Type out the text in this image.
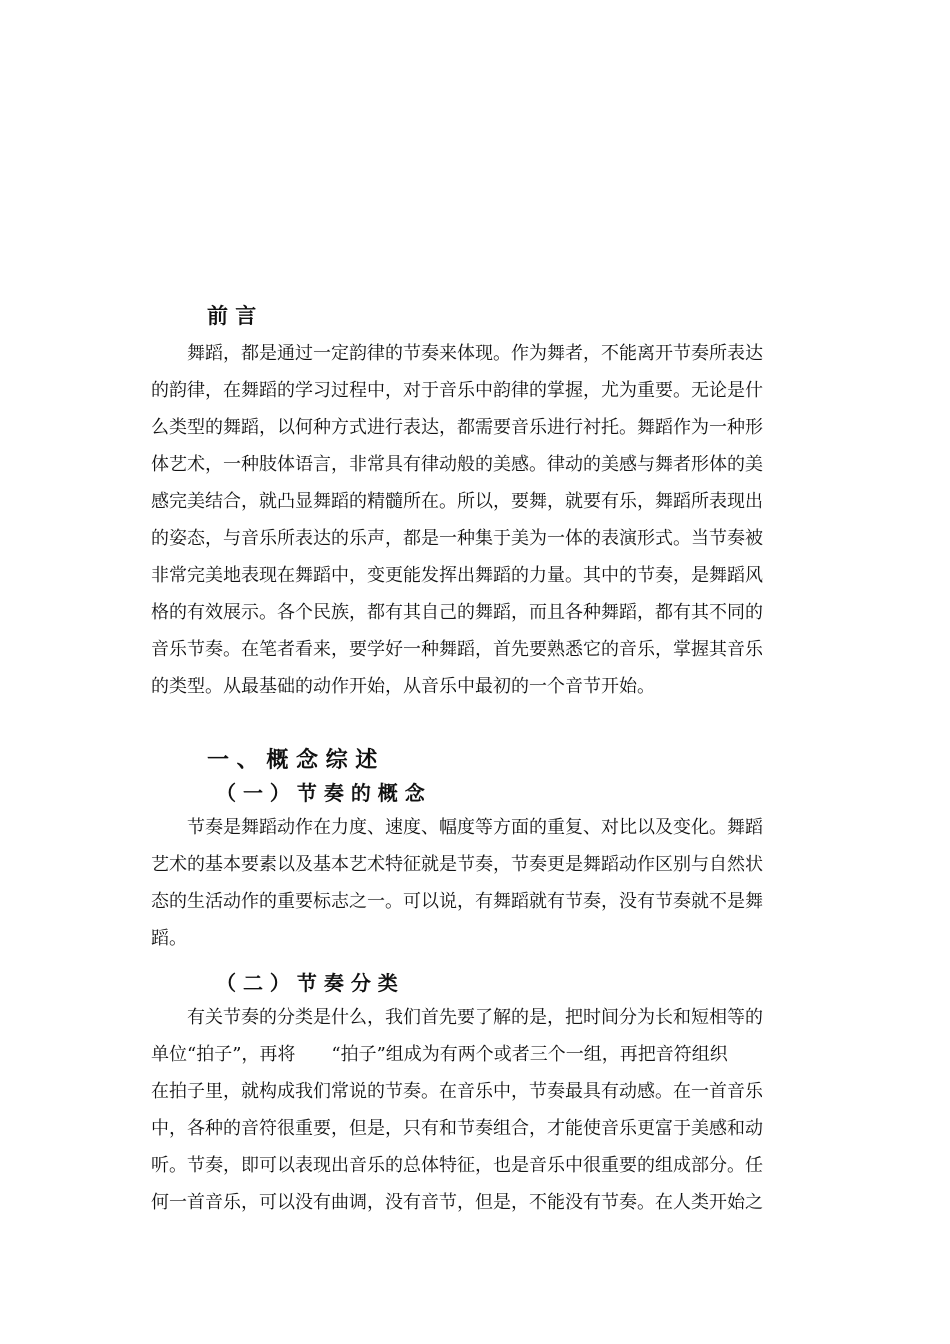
前 言
舞蹈，都是通过一定韵律的节奏来体现。作为舞者，不能离开节奏所表达
的韵律，在舞蹈的学习过程中，对于音乐中韵律的掌握，尤为重要。无论是什
么类型的舞蹈，以何种方式进行表达，都需要音乐进行衬托。舞蹈作为一种形
体艺术，一种肢体语言，非常具有律动般的美感。律动的美感与舞者形体的美
感完美结合，就凸显舞蹈的精髓所在。所以，要舞，就要有乐，舞蹈所表现出
的姿态，与音乐所表达的乐声，都是一种集于美为一体的表演形式。当节奏被
非常完美地表现在舞蹈中，变更能发挥出舞蹈的力量。其中的节奏，是舞蹈风
格的有效展示。各个民族，都有其自己的舞蹈，而且各种舞蹈，都有其不同的
音乐节奏。在笔者看来，要学好一种舞蹈，首先要熟悉它的音乐，掌握其音乐
的类型。从最基础的动作开始，从音乐中最初的一个音节开始。
一 、 概 念 综 述
（ 一 ） 节 奏 的 概 念
节奏是舞蹈动作在力度、速度、幅度等方面的重复、对比以及变化。舞蹈
艺术的基本要素以及基本艺术特征就是节奏，节奏更是舞蹈动作区别与自然状
态的生活动作的重要标志之一。可以说，有舞蹈就有节奏，没有节奏就不是舞
蹈。
（ 二 ） 节 奏 分 类
有关节奏的分类是什么，我们首先要了解的是，把时间分为长和短相等的
单位“拍子”，再将　　“拍子”组成为有两个或者三个一组，再把音符组织
在拍子里，就构成我们常说的节奏。在音乐中，节奏最具有动感。在一首音乐
中，各种的音符很重要，但是，只有和节奏组合，才能使音乐更富于美感和动
听。节奏，即可以表现出音乐的总体特征，也是音乐中很重要的组成部分。任
何一首音乐，可以没有曲调，没有音节，但是，不能没有节奏。在人类开始之
